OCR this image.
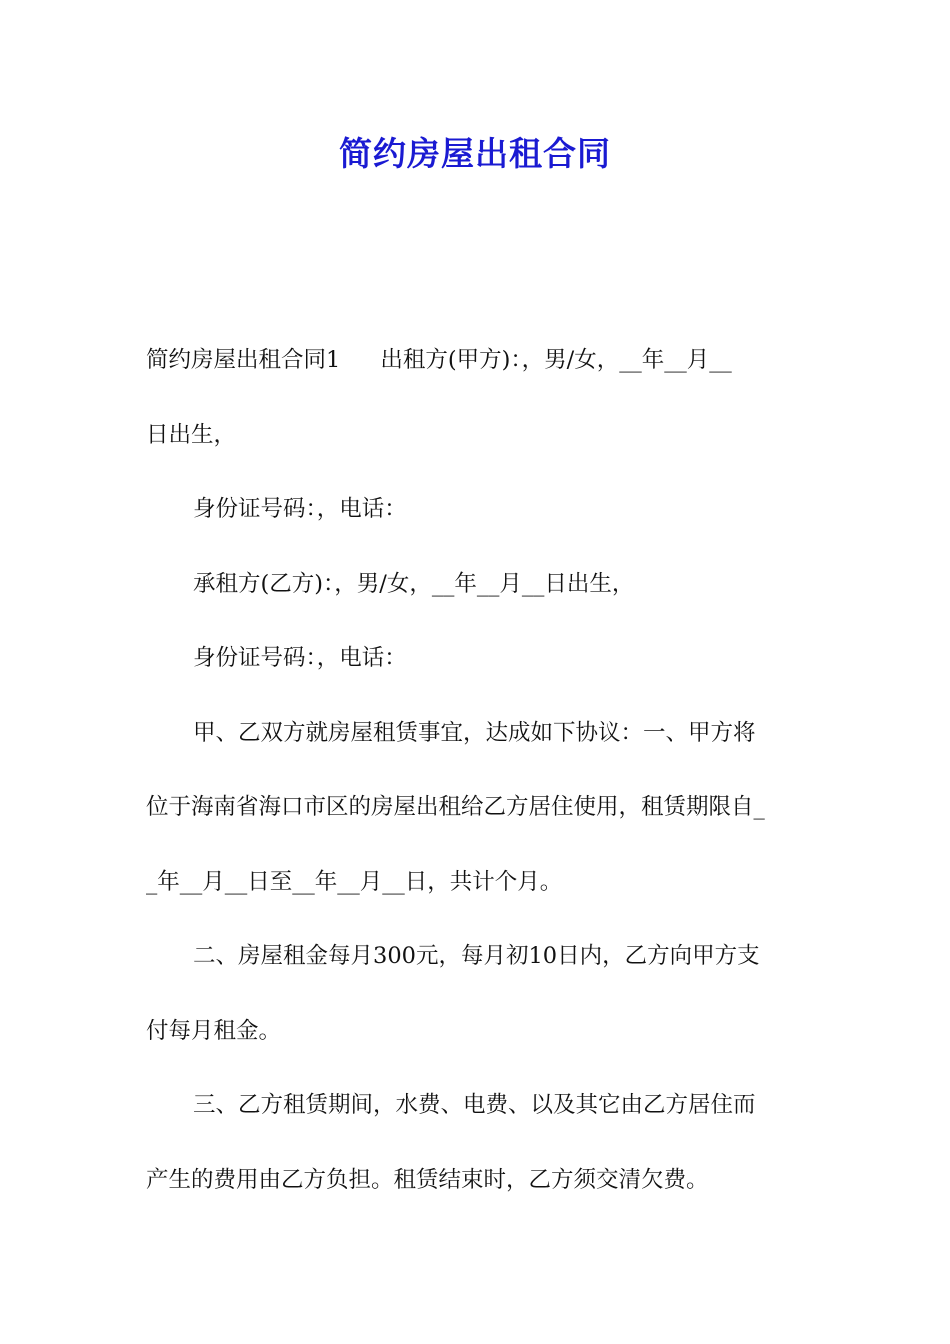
简约房屋出租合同
简约房屋出租合同1 出租方(甲方)：，男/女，__年__月__
日出生，
身份证号码：，电话：
承租方(乙方)：，男/女，__年__月__日出生，
身份证号码：，电话：
甲、乙双方就房屋租赁事宜，达成如下协议：一、甲方将
位于海南省海口市区的房屋出租给乙方居住使用，租赁期限自_
_年__月__日至__年__月__日，共计个月。
二、房屋租金每月300元，每月初10日内，乙方向甲方支
付每月租金。
三、乙方租赁期间，水费、电费、以及其它由乙方居住而
产生的费用由乙方负担。租赁结束时，乙方须交清欠费。
